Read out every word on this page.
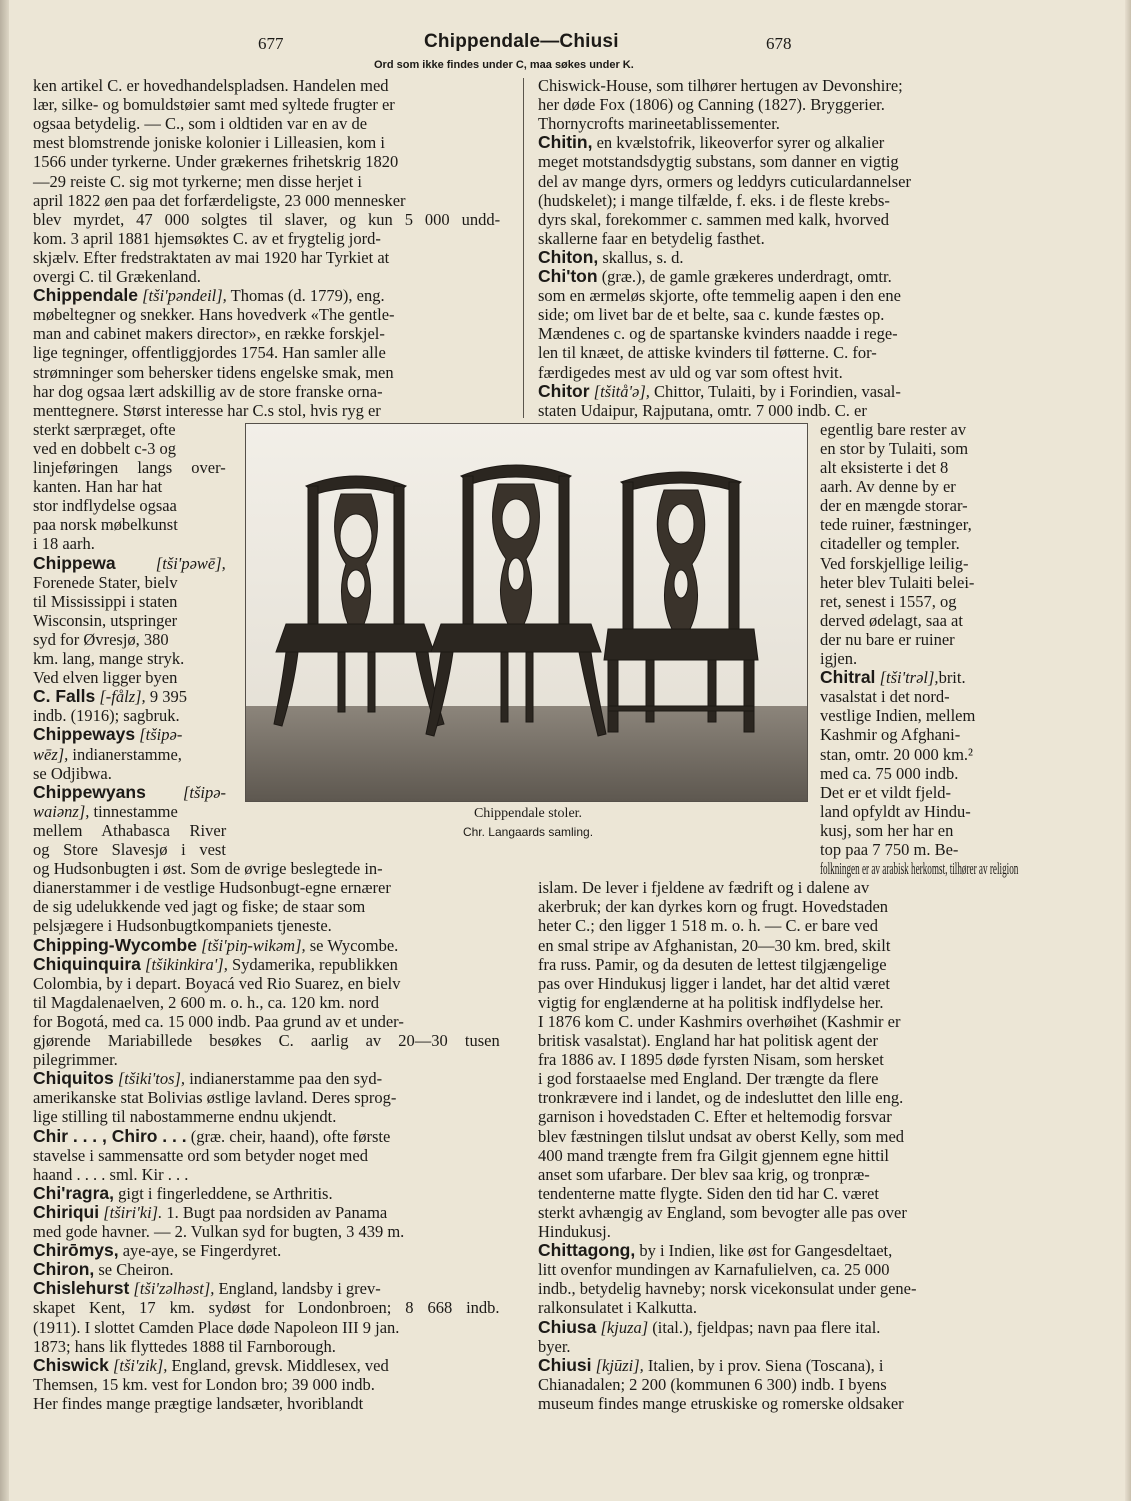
677	Chippendale—Chiusi	678
Ord som ikke findes under C, maa søkes under K.
ken artikel C. er hovedhandelspladsen. Handelen med
lær, silke- og bomuldstøier samt med syltede frugter er
ogsaa betydelig. — C., som i oldtiden var en av de
mest blomstrende joniske kolonier i Lilleasien, kom i
1566 under tyrkerne. Under grækernes frihetskrig 1820
—29 reiste C. sig mot tyrkerne; men disse herjet i
april 1822 øen paa det forfærdeligste, 23 000 mennesker
blev myrdet, 47 000 solgtes til slaver, og kun 5 000 undd-
kom. 3 april 1881 hjemsøktes C. av et frygtelig jord-
skjælv. Efter fredstraktaten av mai 1920 har Tyrkiet at
overgi C. til Grækenland.
Chippendale [tši'pəndeil], Thomas (d. 1779), eng.
møbeltegner og snekker. Hans hovedverk «The gentle-
man and cabinet makers director», en række forskjel-
lige tegninger, offentliggjordes 1754. Han samler alle
strømninger som behersker tidens engelske smak, men
har dog ogsaa lært adskillig av de store franske orna-
menttegnere. Størst interesse har C.s stol, hvis ryg er
sterkt særpræget, ofte
ved en dobbelt c-3 og
linjeføringen langs over-
kanten. Han har hat
stor indflydelse ogsaa
paa norsk møbelkunst
i 18 aarh.
Chippewa [tši'pəwē],
Forenede Stater, bielv
til Mississippi i staten
Wisconsin, utspringer
syd for Øvresjø, 380
km. lang, mange stryk.
Ved elven ligger byen
C. Falls [-fålz], 9 395
indb. (1916); sagbruk.
Chippeways [tšipə-
wēz], indianerstamme,
se Odjibwa.
Chippewyans [tšipə-
waiənz], tinnestamme
mellem Athabasca River
og Store Slavesjø i vest
og Hudsonbugten i øst. Som de øvrige beslegtede in-
dianerstammer i de vestlige Hudsonbugt-egne ernærer
de sig udelukkende ved jagt og fiske; de staar som
pelsjægere i Hudsonbugtkompaniets tjeneste.
Chipping-Wycombe [tši'piŋ-wikəm], se Wycombe.
Chiquinquira [tšikinkira'], Sydamerika, republikken
Colombia, by i depart. Boyacá ved Rio Suarez, en bielv
til Magdalenaelven, 2 600 m. o. h., ca. 120 km. nord
for Bogotá, med ca. 15 000 indb. Paa grund av et under-
gjørende Mariabillede besøkes C. aarlig av 20—30 tusen
pilegrimmer.
Chiquitos [tšiki'tos], indianerstamme paa den syd-
amerikanske stat Bolivias østlige lavland. Deres sprog-
lige stilling til nabostammerne endnu ukjendt.
Chir . . . , Chiro . . . (græ. cheir, haand), ofte første
stavelse i sammensatte ord som betyder noget med
haand . . . . sml. Kir . . .
Chi'ragra, gigt i fingerleddene, se Arthritis.
Chiriqui [tširi'ki]. 1. Bugt paa nordsiden av Panama
med gode havner. — 2. Vulkan syd for bugten, 3 439 m.
Chirōmys, aye-aye, se Fingerdyret.
Chiron, se Cheiron.
Chislehurst [tši'zəlhəst], England, landsby i grev-
skapet Kent, 17 km. sydøst for Londonbroen; 8 668 indb.
(1911). I slottet Camden Place døde Napoleon III 9 jan.
1873; hans lik flyttedes 1888 til Farnborough.
Chiswick [tši'zik], England, grevsk. Middlesex, ved
Themsen, 15 km. vest for London bro; 39 000 indb.
Her findes mange prægtige landsæter, hvoriblandt
Chiswick-House, som tilhører hertugen av Devonshire;
her døde Fox (1806) og Canning (1827). Bryggerier.
Thornycrofts marineetablissementer.
Chitin, en kvælstofrik, likeoverfor syrer og alkalier
meget motstandsdygtig substans, som danner en vigtig
del av mange dyrs, ormers og leddyrs cuticulardannelser
(hudskelet); i mange tilfælde, f. eks. i de fleste krebs-
dyrs skal, forekommer c. sammen med kalk, hvorved
skallerne faar en betydelig fasthet.
Chiton, skallus, s. d.
Chi'ton (græ.), de gamle grækeres underdragt, omtr.
som en ærmeløs skjorte, ofte temmelig aapen i den ene
side; om livet bar de et belte, saa c. kunde fæstes op.
Mændenes c. og de spartanske kvinders naadde i rege-
len til knæet, de attiske kvinders til føtterne. C. for-
færdigedes mest av uld og var som oftest hvit.
Chitor [tšitå'ə], Chittor, Tulaiti, by i Forindien, vasal-
staten Udaipur, Rajputana, omtr. 7 000 indb. C. er
egentlig bare rester av
en stor by Tulaiti, som
alt eksisterte i det 8
aarh. Av denne by er
der en mængde storar-
tede ruiner, fæstninger,
citadeller og templer.
Ved forskjellige leilig-
heter blev Tulaiti belei-
ret, senest i 1557, og
derved ødelagt, saa at
der nu bare er ruiner
igjen.
Chitral [tši'trəl],brit.
vasalstat i det nord-
vestlige Indien, mellem
Kashmir og Afghani-
stan, omtr. 20 000 km.²
med ca. 75 000 indb.
Det er et vildt fjeld-
land opfyldt av Hindu-
kusj, som her har en
top paa 7 750 m. Be-
folkningen er av arabisk herkomst, tilhører av religion
islam. De lever i fjeldene av fædrift og i dalene av
akerbruk; der kan dyrkes korn og frugt. Hovedstaden
heter C.; den ligger 1 518 m. o. h. — C. er bare ved
en smal stripe av Afghanistan, 20—30 km. bred, skilt
fra russ. Pamir, og da desuten de lettest tilgjængelige
pas over Hindukusj ligger i landet, har det altid været
vigtig for englænderne at ha politisk indflydelse her.
I 1876 kom C. under Kashmirs overhøihet (Kashmir er
britisk vasalstat). England har hat politisk agent der
fra 1886 av. I 1895 døde fyrsten Nisam, som hersket
i god forstaaelse med England. Der trængte da flere
tronkrævere ind i landet, og de indesluttet den lille eng.
garnison i hovedstaden C. Efter et heltemodig forsvar
blev fæstningen tilslut undsat av oberst Kelly, som med
400 mand trængte frem fra Gilgit gjennem egne hittil
anset som ufarbare. Der blev saa krig, og tronpræ-
tendenterne matte flygte. Siden den tid har C. været
sterkt avhængig av England, som bevogter alle pas over
Hindukusj.
Chittagong, by i Indien, like øst for Gangesdeltaet,
litt ovenfor mundingen av Karnafulielven, ca. 25 000
indb., betydelig havneby; norsk vicekonsulat under gene-
ralkonsulatet i Kalkutta.
Chiusa [kjuza] (ital.), fjeldpas; navn paa flere ital.
byer.
Chiusi [kjūzi], Italien, by i prov. Siena (Toscana), i
Chianadalen; 2 200 (kommunen 6 300) indb. I byens
museum findes mange etruskiske og romerske oldsaker
Chippendale stoler.
Chr. Langaards samling.
